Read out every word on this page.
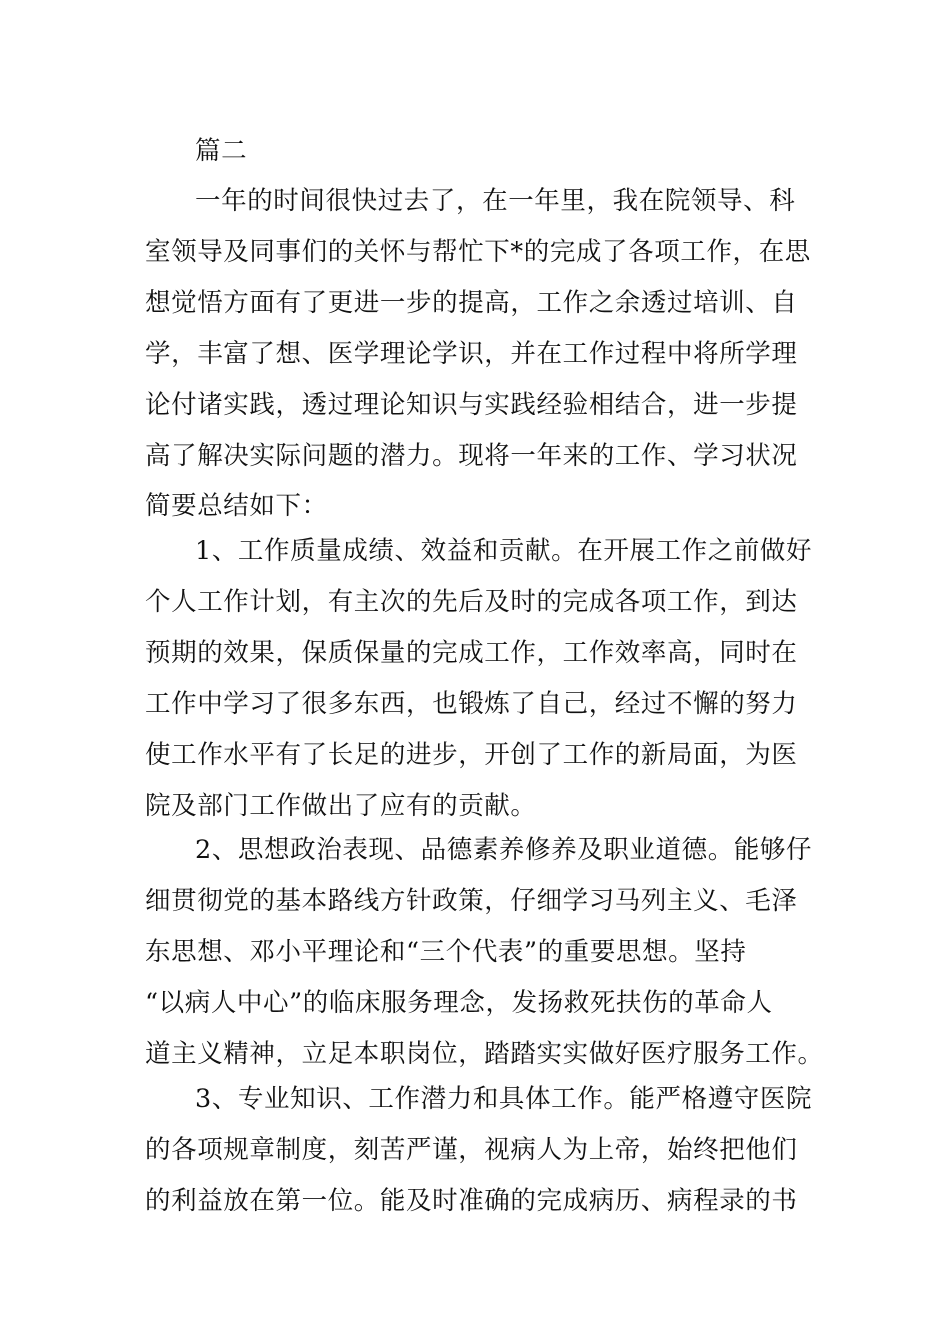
篇二
一年的时间很快过去了，在一年里，我在院领导、科
室领导及同事们的关怀与帮忙下*的完成了各项工作，在思
想觉悟方面有了更进一步的提高，工作之余透过培训、自
学，丰富了想、医学理论学识，并在工作过程中将所学理
论付诸实践，透过理论知识与实践经验相结合，进一步提
高了解决实际问题的潜力。现将一年来的工作、学习状况
简要总结如下：
1、工作质量成绩、效益和贡献。在开展工作之前做好
个人工作计划，有主次的先后及时的完成各项工作，到达
预期的效果，保质保量的完成工作，工作效率高，同时在
工作中学习了很多东西，也锻炼了自己，经过不懈的努力
使工作水平有了长足的进步，开创了工作的新局面，为医
院及部门工作做出了应有的贡献。
2、思想政治表现、品德素养修养及职业道德。能够仔
细贯彻党的基本路线方针政策，仔细学习马列主义、毛泽
东思想、邓小平理论和“三个代表”的重要思想。坚持
“以病人中心”的临床服务理念，发扬救死扶伤的革命人
道主义精神，立足本职岗位，踏踏实实做好医疗服务工作。
3、专业知识、工作潜力和具体工作。能严格遵守医院
的各项规章制度，刻苦严谨，视病人为上帝，始终把他们
的利益放在第一位。能及时准确的完成病历、病程录的书
